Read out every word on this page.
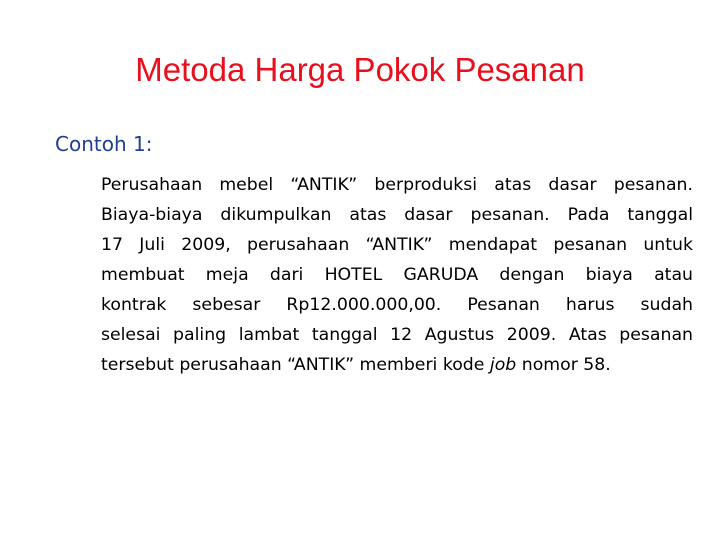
Metoda Harga Pokok Pesanan
Contoh 1:
Perusahaan mebel “ANTIK” berproduksi atas dasar pesanan.
Biaya-biaya dikumpulkan atas dasar pesanan. Pada tanggal
17 Juli 2009, perusahaan “ANTIK” mendapat pesanan untuk
membuat meja dari HOTEL GARUDA dengan biaya atau
kontrak sebesar Rp12.000.000,00. Pesanan harus sudah
selesai paling lambat tanggal 12 Agustus 2009. Atas pesanan
tersebut perusahaan “ANTIK” memberi kode job nomor 58.
